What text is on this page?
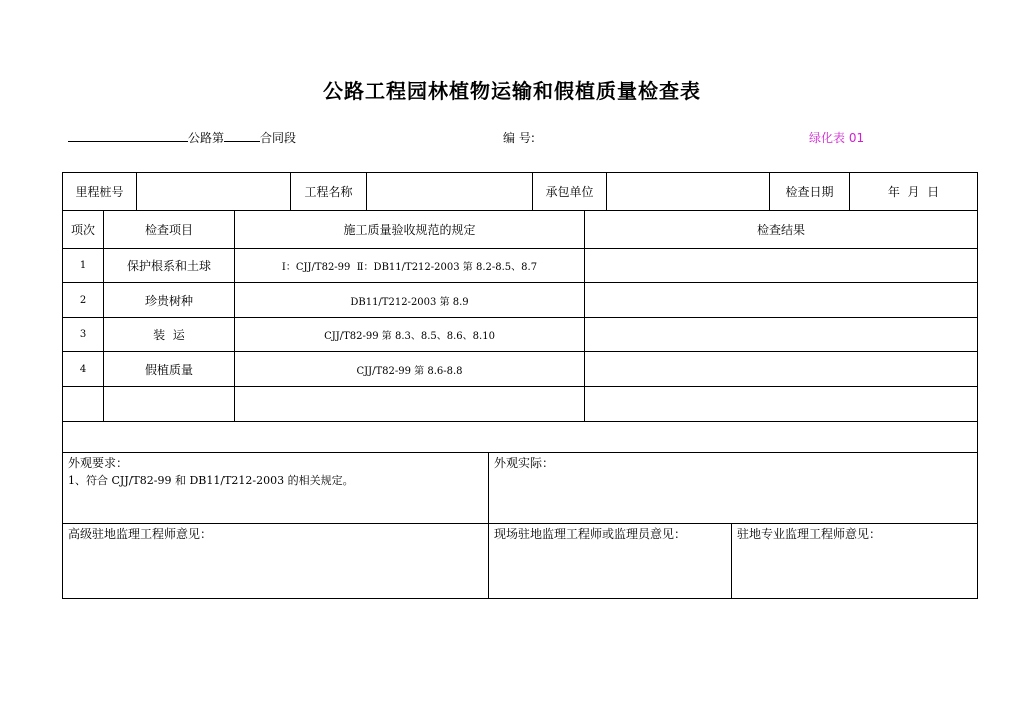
公路工程园林植物运输和假植质量检查表
公路第	合同段	编 号:	绿化表 01
里程桩号	工程名称	承包单位	检查日期	年  月  日
项次	检查项目	施工质量验收规范的规定	检查结果
1	保护根系和土球	Ⅰ：CJJ/T82-99  Ⅱ：DB11/T212-2003 第 8.2-8.5、8.7
2	珍贵树种	DB11/T212-2003 第 8.9
3	装  运	CJJ/T82-99 第 8.3、8.5、8.6、8.10
4	假植质量	CJJ/T82-99 第 8.6-8.8
外观要求：
1、符合 CJJ/T82-99 和 DB11/T212-2003 的相关规定。
外观实际：
高级驻地监理工程师意见：	现场驻地监理工程师或监理员意见：	驻地专业监理工程师意见：
